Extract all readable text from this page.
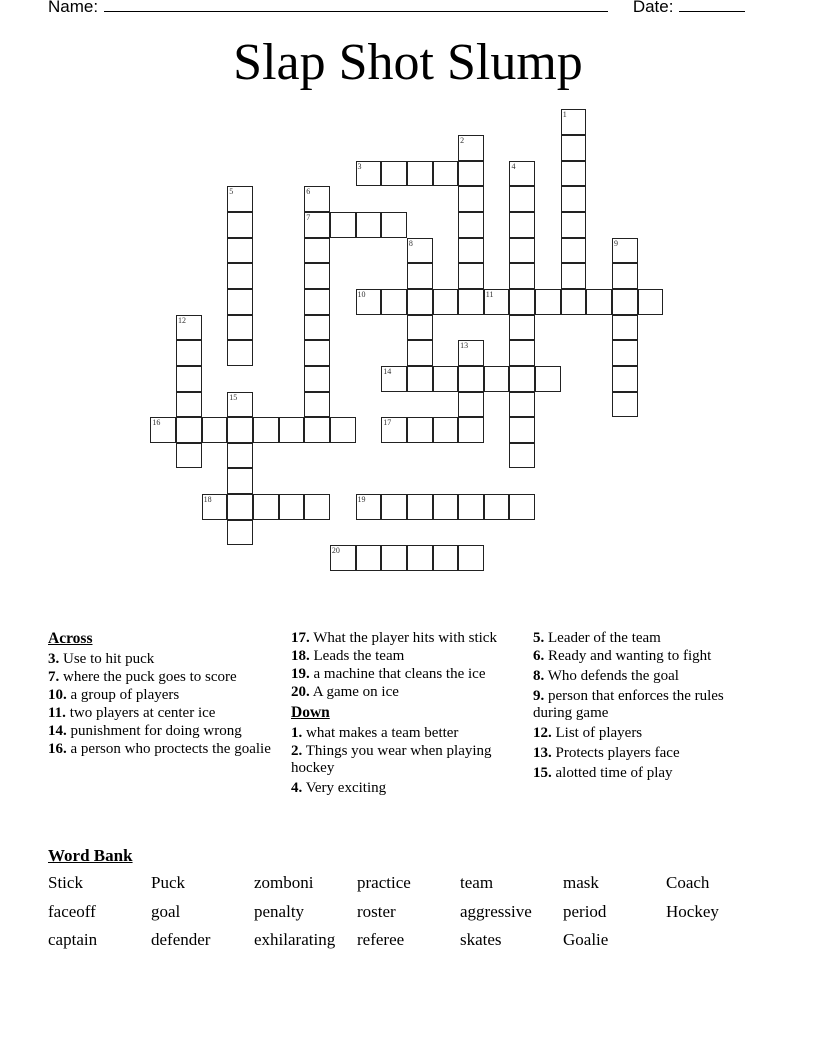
Name:	Date:
Slap Shot Slump
1
2
3	4
5	6
7
8	9
10	11
12
13
14
15
16	17
18	19
20
Across
3. Use to hit puck
7. where the puck goes to score
10. a group of players
11. two players at center ice
14. punishment for doing wrong
16. a person who proctects the goalie
17. What the player hits with stick
18. Leads the team
19. a machine that cleans the ice
20. A game on ice
Down
1. what makes a team better
2. Things you wear when playing hockey
4. Very exciting
5. Leader of the team
6. Ready and wanting to fight
8. Who defends the goal
9. person that enforces the rules during game
12. List of players
13. Protects players face
15. alotted time of play
Word Bank
Stick	Puck	zomboni	practice	team	mask	Coach
faceoff	goal	penalty	roster	aggressive	period	Hockey
captain	defender	exhilarating	referee	skates	Goalie
